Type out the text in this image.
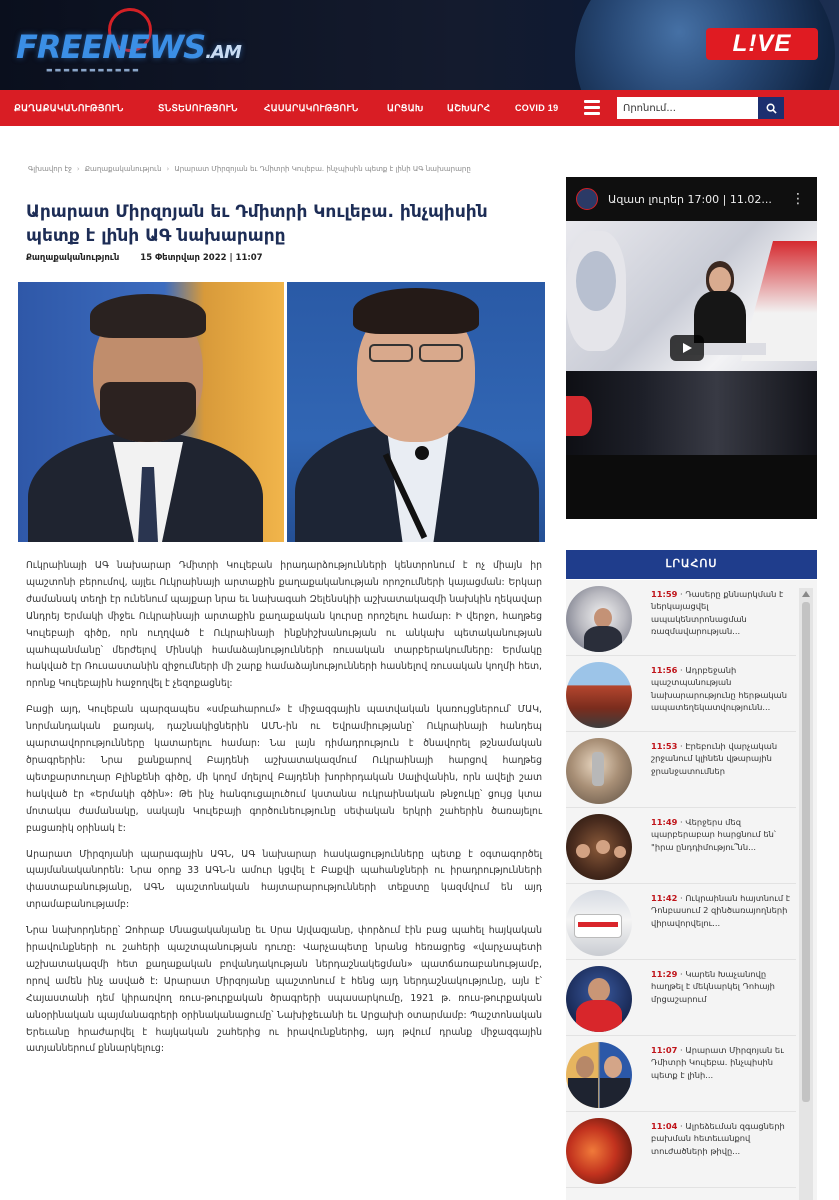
FREENEWS.AM
▬▬▬▬▬▬▬▬▬▬▬
L!VE
ՔԱՂԱՔԱԿԱՆՈՒԹՅՈՒՆ	ՏՆՏԵՍՈՒԹՅՈՒՆ	ՀԱՍԱՐԱԿՈՒԹՅՈՒՆ	ԱՐՑԱԽ	ԱՇԽԱՐՀ	COVID 19
Որոնում...
Գլխավոր էջ › Քաղաքականություն › Արարատ Միրզոյան եւ Դմիտրի Կուլեբա. ինչպիսին պետք է լինի ԱԳ նախարարը
Արարատ Միրզոյան եւ Դմիտրի Կուլեբա. ինչպիսին պետք է լինի ԱԳ նախարարը
Քաղաքականություն 15 Փետրվար 2022 | 11:07

Ուկրաինայի ԱԳ նախարար Դմիտրի Կուլեբան իրադարձությունների կենտրոնում է ոչ միայն իր պաշտոնի բերումով, այլեւ Ուկրաինայի արտաքին քաղաքականության որոշումների կայացման: Երկար ժամանակ տեղի էր ունենում պայքար նրա եւ նախագահ Զելենսկիի աշխատակազմի նախկին ղեկավար Անդրեյ Երմակի միջեւ Ուկրաինայի արտաքին քաղաքական կուրսը որոշելու համար: Ի վերջո, հաղթեց Կուլեբայի գիծը, որն ուղղված է Ուկրաինայի ինքնիշխանության ու անկախ պետականության պահպանմանը՝ մերժելով Մինսկի համաձայնությունների ռուսական տարբերակումները: Երմակը հակված էր Ռուսաստանին զիջումների մի շարք համաձայնությունների հասնելով ռուսական կողմի հետ, որոնք Կուլեբային հաջողվել է չեզոքացնել:

Բացի այդ, Կուլեբան պարզապես «սմբահարում» է միջազգային պատվական կառույցներում՝ ՄԱԿ, նորմանդական քառյակ, դաշնակիցներին ԱՄՆ-ին ու Եվրամիությանը՝ Ուկրաինայի հանդեպ պարտավորությունները կատարելու համար: Նա լայն դիմադրություն է ծնավորել թշնամական ծրագրերին: Նրա քանքարով Բայդենի աշխատակազմում Ուկրաինայի հարցով հաղթեց պետքարտուղար Բլինքենի գիծը, մի կողմ մղելով Բայդենի խորհրդական Սալիվանին, որն ավելի շատ հակված էր «Երմակի գծին»: Թե ինչ հանգուցալուծում կստանա ուկրաինական թնջուկը՝ ցույց կտա մոտակա ժամանակը, սակայն Կուլեբայի գործունեությունը սեփական երկրի շահերին ծառայելու բացառիկ օրինակ է:

Արարատ Միրզոյանի պարագային ԱԳՆ, ԱԳ նախարար հասկացությունները պետք է օգտագործել պայմանականորեն: Նրա օրոք 33 ԱԳՆ-ն ամուր կցվել է Բաքվի պահանջների ու իրադրությունների փաստաբանությանը, ԱԳՆ պաշտոնական հայտարարությունների տեքստը կազմվում են այդ տրամաբանությամբ:

Նրա նախորդները՝ Զոհրաբ Մնացականյանը եւ Սրա Այվազյանը, փորձում էին բաց պահել հայկական իրավունքների ու շահերի պաշտպանության դուռը: Վարչապետը նրանց հեռացրեց «վարչապետի աշխատակազմի հետ քաղաքական բովանդակության ներդաշնակեցման» պատճառաբանությամբ, որով ամեն ինչ ասված է: Արարատ Միրզոյանը պաշտոնում է հենց այդ ներդաշնակությունը, այն է՝ Հայաստանի դեմ կիրառվող ռուս-թուրքական ծրագրերի սպասարկումը, 1921 թ. ռուս-թուրքական անօրինական պայմանագրերի օրինականացումը՝ Նախիջեւանի եւ Արցախի օտարմամբ: Պաշտոնական Երեւանը հրաժարվել է հայկական շահերից ու իրավունքներից, այդ թվում դրանք միջազգային ատյաններում քննարկելուց:

Ազատ լուրեր 17:00 | 11.02...	⋮
ԼՐԱՀՈՍ
11:59 · Դասերը քննարկման է ներկայացվել ապակենտրոնացման ռազմավարության...
11:56 · Ադրբեջանի պաշտպանության նախարարությունը հերթական ապատեղեկատվությունն...
11:53 · Էրեբունի վարչական շրջանում կլինեն վթարային ջրանջատումներ
11:49 · Վերջերս մեզ պարբերաբար հարցնում են՝ "իրա ընդդիմությու՞նն...
11:42 · Ուկրաինան հայտնում է Դոնբասում 2 զինծառայողների վիրավորվելու...
11:29 · Կարեն Խաչանովը հաղթել է մեկնարկել Դոհայի մրցաշարում
11:07 · Արարատ Միրզոյան եւ Դմիտրի Կուլեբա. ինչպիսին պետք է լինի...
11:04 · Ալրեձեւման զգացների բախման հետեւանքով տուժածների թիվը...
